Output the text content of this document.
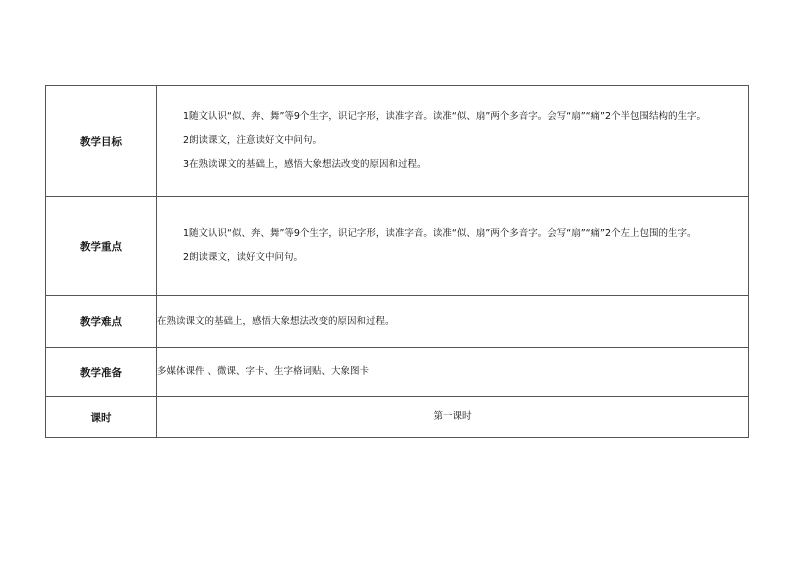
教学目标	1随文认识“似、奔、舞”等9个生字，识记字形，读准字音。读准“似、扇”两个多音字。会写“扇”“痛”2个半包围结构的生字。

2朗读课文，注意读好文中问句。

3在熟读课文的基础上，感悟大象想法改变的原因和过程。

教学重点	1随文认识“似、奔、舞”等9个生字，识记字形，读准字音。读准“似、扇”两个多音字。会写“扇”“痛”2个左上包围的生字。

2朗读课文，读好文中问句。

教学难点	在熟读课文的基础上，感悟大象想法改变的原因和过程。
教学准备	多媒体课件 、微课、字卡、生字格词贴、大象图卡
课时	第一课时
